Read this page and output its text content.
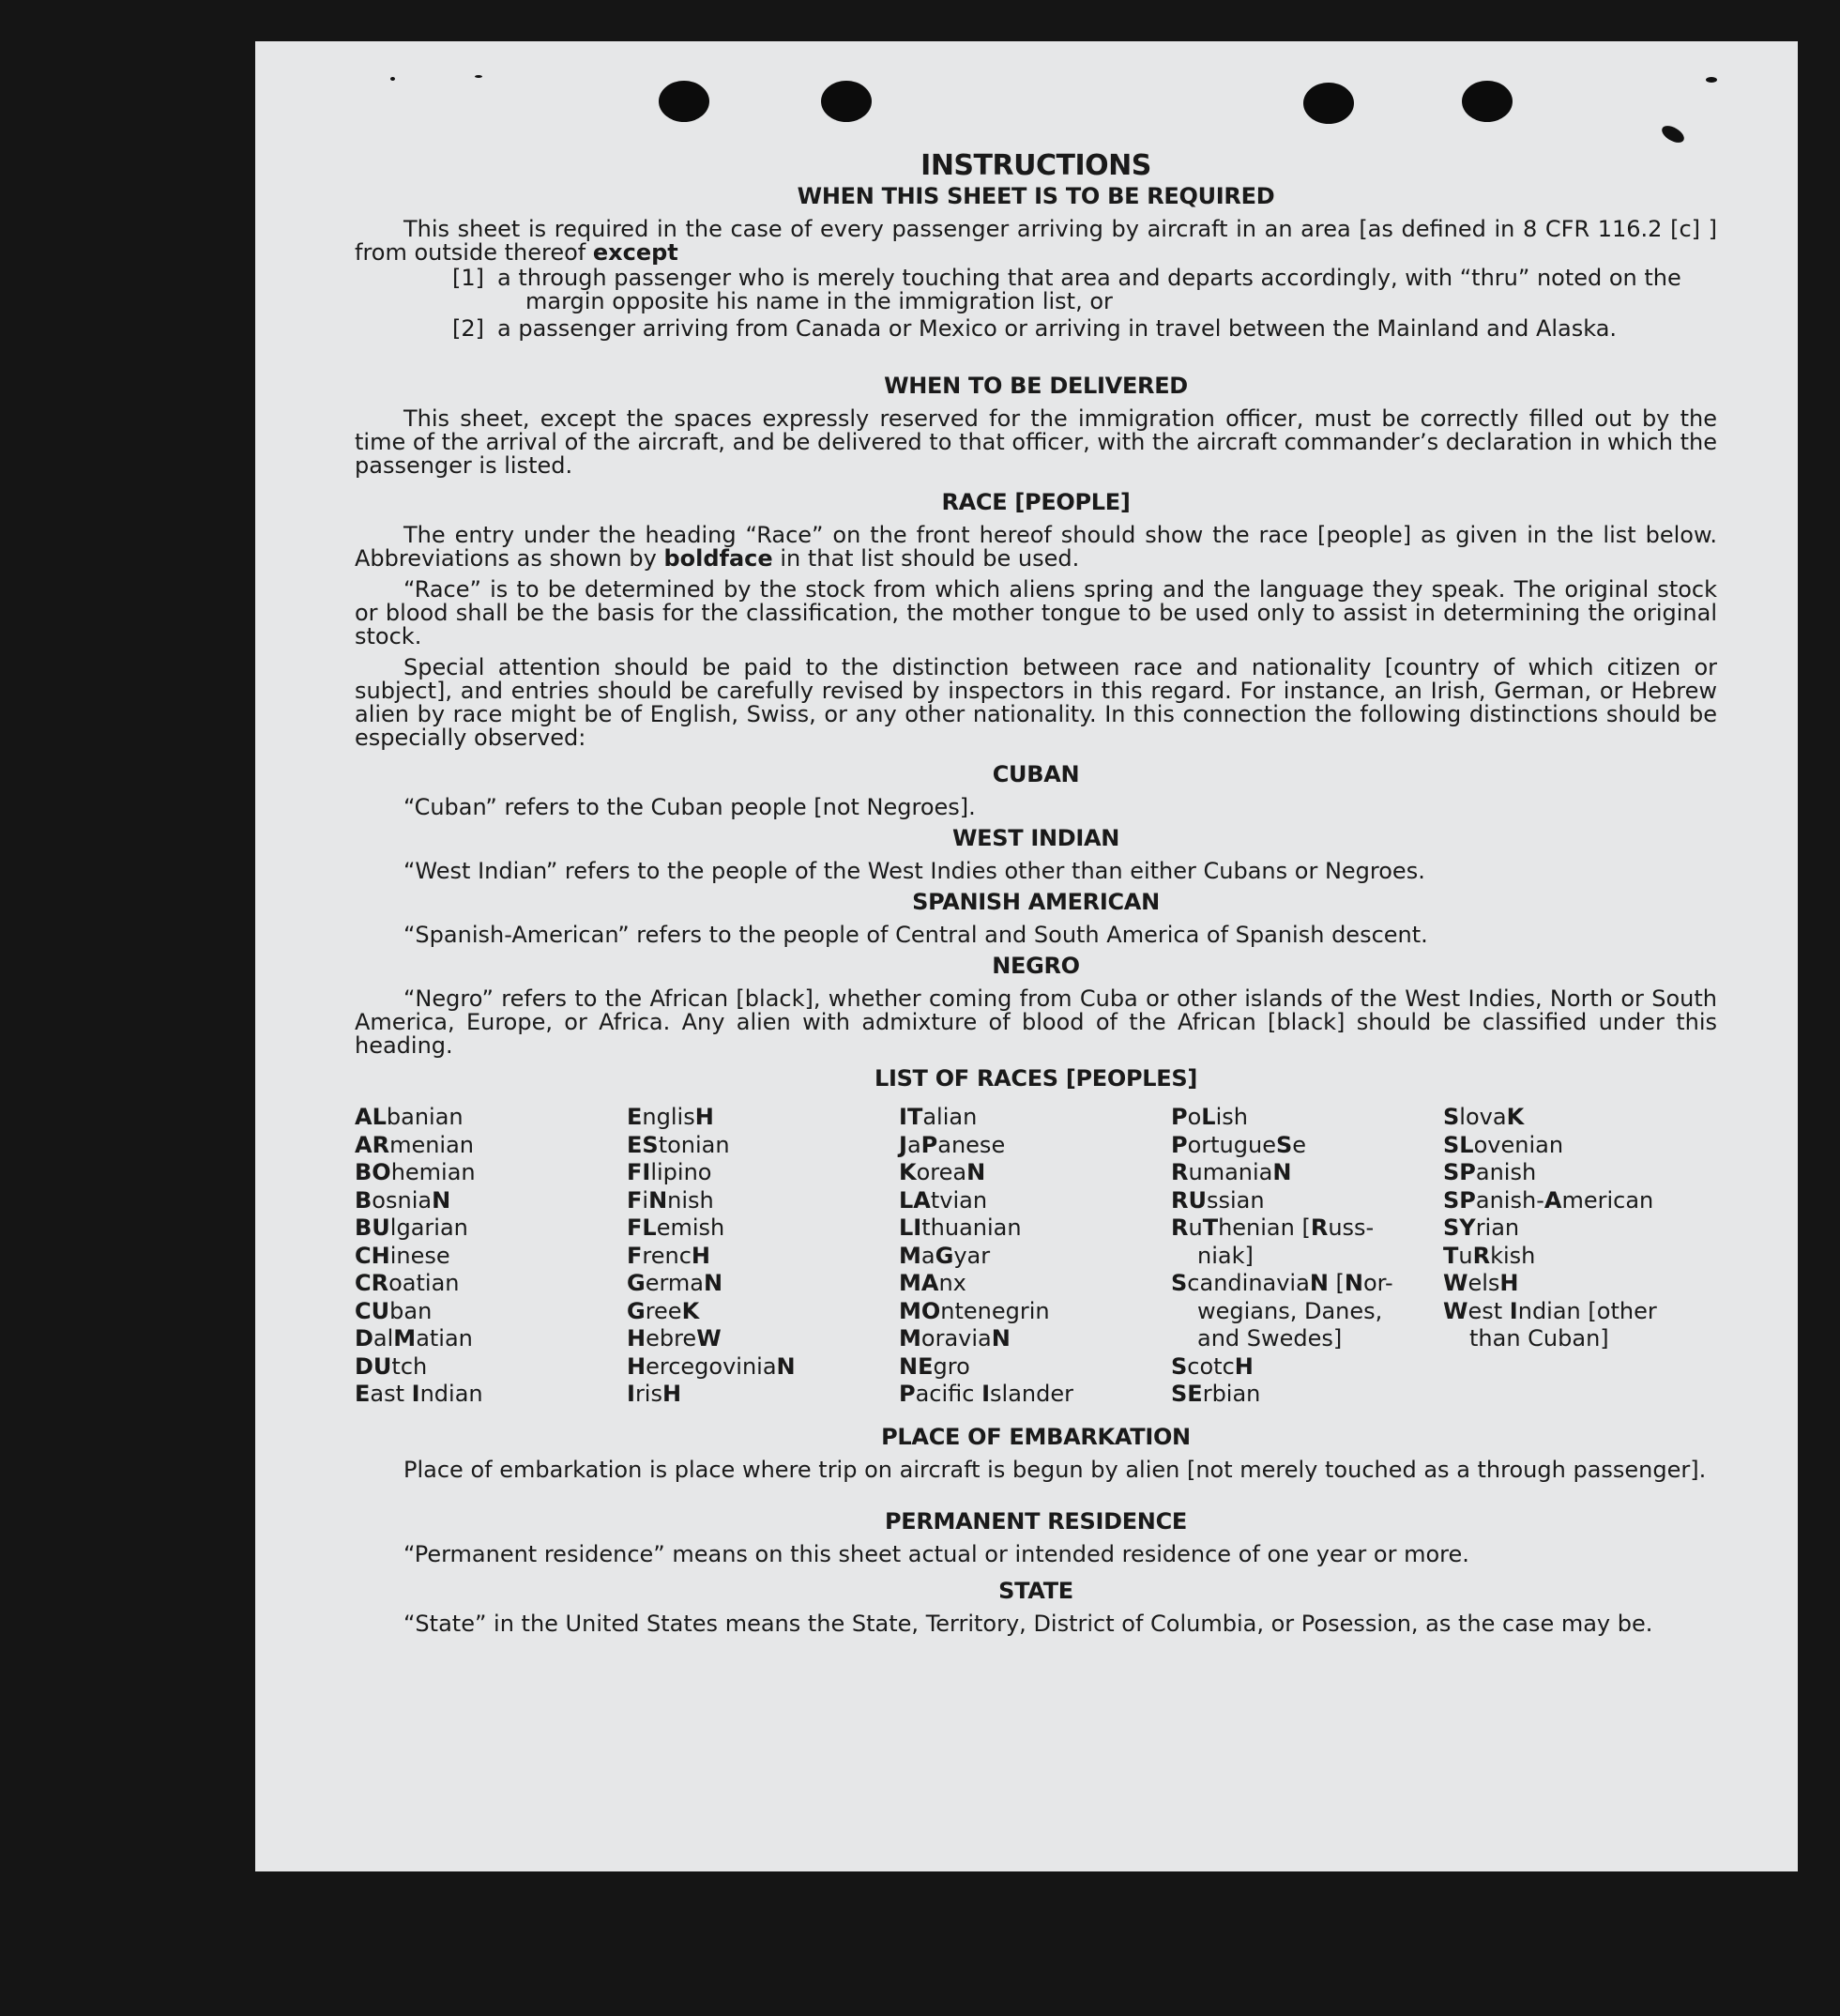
INSTRUCTIONS
WHEN THIS SHEET IS TO BE REQUIRED
This sheet is required in the case of every passenger arriving by aircraft in an area [as defined in 8 CFR 116.2 [c] ] from outside thereof except
[1] a through passenger who is merely touching that area and departs accordingly, with “thru” noted on the
margin opposite his name in the immigration list, or
[2] a passenger arriving from Canada or Mexico or arriving in travel between the Mainland and Alaska.
WHEN TO BE DELIVERED
This sheet, except the spaces expressly reserved for the immigration officer, must be correctly filled out by the time of the arrival of the aircraft, and be delivered to that officer, with the aircraft commander’s declaration in which the passenger is listed.
RACE [PEOPLE]
The entry under the heading “Race” on the front hereof should show the race [people] as given in the list below. Abbreviations as shown by boldface in that list should be used.
“Race” is to be determined by the stock from which aliens spring and the language they speak. The original stock or blood shall be the basis for the classification, the mother tongue to be used only to assist in determining the original stock.
Special attention should be paid to the distinction between race and nationality [country of which citizen or subject], and entries should be carefully revised by inspectors in this regard. For instance, an Irish, German, or Hebrew alien by race might be of English, Swiss, or any other nationality. In this connection the following distinctions should be especially observed:
CUBAN
“Cuban” refers to the Cuban people [not Negroes].
WEST INDIAN
“West Indian” refers to the people of the West Indies other than either Cubans or Negroes.
SPANISH AMERICAN
“Spanish-American” refers to the people of Central and South America of Spanish descent.
NEGRO
“Negro” refers to the African [black], whether coming from Cuba or other islands of the West Indies, North or South America, Europe, or Africa. Any alien with admixture of blood of the African [black] should be classified under this heading.
LIST OF RACES [PEOPLES]
ALbanian
ARmenian
BOhemian
BosniaN
BUlgarian
CHinese
CRoatian
CUban
DalMatian
DUtch
East Indian
EnglisH
EStonian
FIlipino
FiNnish
FLemish
FrencH
GermaN
GreeK
HebreW
HercegoviniaN
IrisH
ITalian
JaPanese
KoreaN
LAtvian
LIthuanian
MaGyar
MAnx
MOntenegrin
MoraviaN
NEgro
Pacific Islander
PoLish
PortugueSe
RumaniaN
RUssian
RuThenian [Russ-
niak]
ScandinaviaN [Nor-
wegians, Danes,
and Swedes]
ScotcH
SErbian
SlovaK
SLovenian
SPanish
SPanish-American
SYrian
TuRkish
WelsH
West Indian [other
than Cuban]
PLACE OF EMBARKATION
Place of embarkation is place where trip on aircraft is begun by alien [not merely touched as a through passenger].
PERMANENT RESIDENCE
“Permanent residence” means on this sheet actual or intended residence of one year or more.
STATE
“State” in the United States means the State, Territory, District of Columbia, or Posession, as the case may be.
